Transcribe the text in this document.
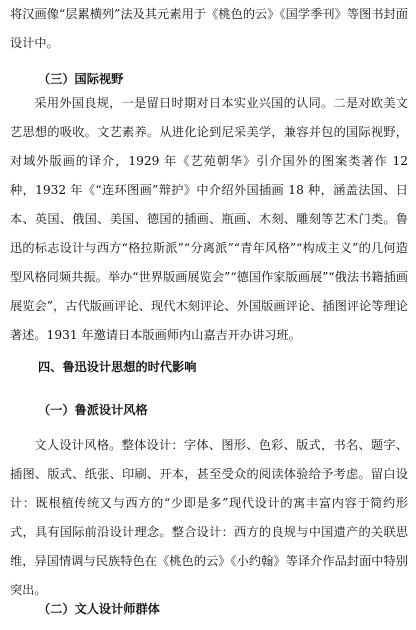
将汉画像“层累横列”法及其元素用于《桃色的云》《国学季刊》等图书封面设计中。

（三）国际视野

采用外国良规，一是留日时期对日本实业兴国的认同。二是对欧美文艺思想的吸收。文艺素养。从进化论到尼采美学，兼容并包的国际视野，对域外版画的译介，1929 年《艺苑朝华》引介国外的图案类著作 12 种，1932 年《“连环图画”辩护》中介绍外国插画 18 种，涵盖法国、日本、英国、俄国、美国、德国的插画、瓶画、木刻、雕刻等艺术门类。鲁迅的标志设计与西方“格拉斯派”“分离派”“青年风格”“构成主义”的几何造型风格同频共振。举办“世界版画展览会”“德国作家版画展”“俄法书籍插画展览会”，古代版画评论、现代木刻评论、外国版画评论、插图评论等理论著述。1931 年邀请日本版画师内山嘉吉开办讲习班。

四、鲁迅设计思想的时代影响
（一）鲁派设计风格

文人设计风格。整体设计：字体、图形、色彩、版式，书名、题字、插图、版式、纸张、印刷、开本，甚至受众的阅读体验给予考虑。留白设计：既根植传统又与西方的“少即是多”现代设计的寓丰富内容于简约形式，具有国际前沿设计理念。整合设计：西方的良规与中国遗产的关联思维，异国情调与民族特色在《桃色的云》《小约翰》等译介作品封面中特别突出。

（二）文人设计师群体
